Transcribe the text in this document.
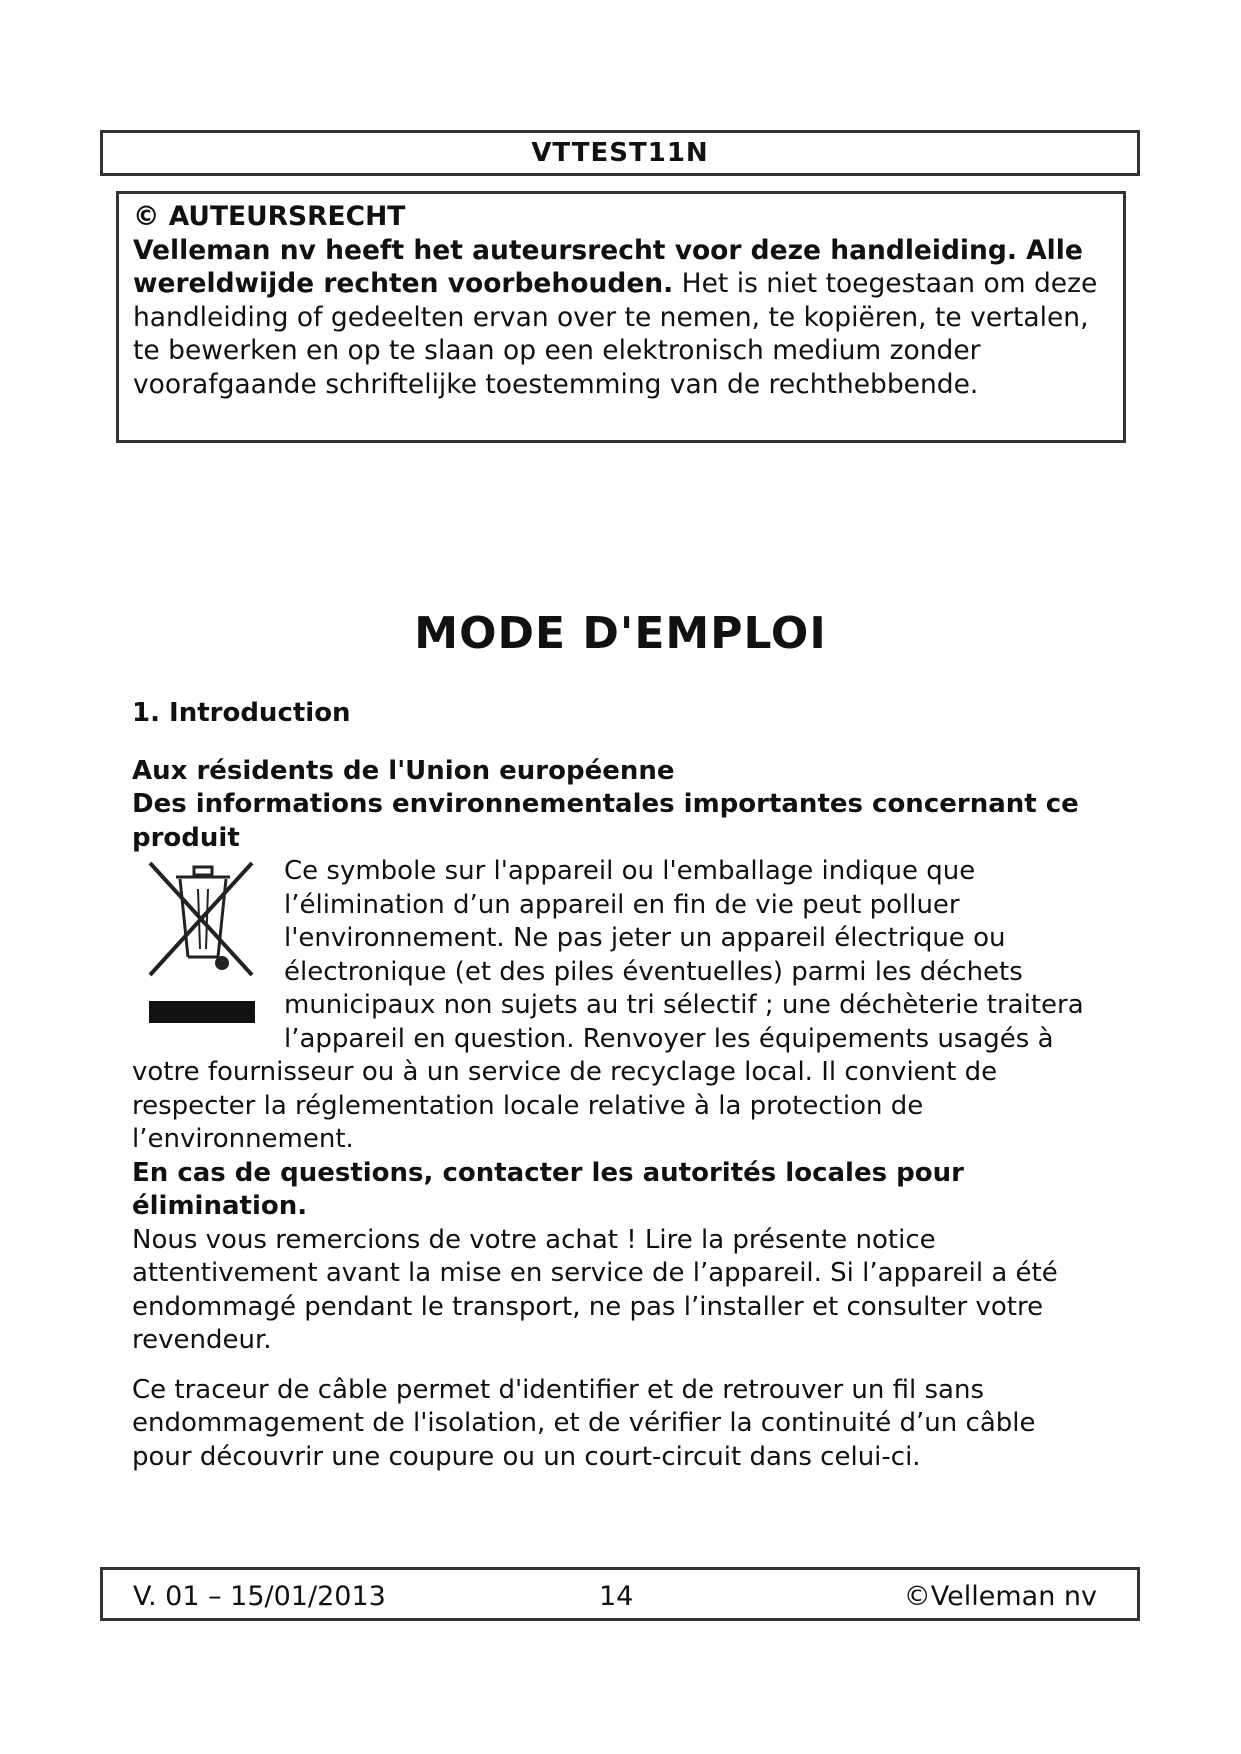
VTTEST11N

© AUTEURSRECHT

Velleman nv heeft het auteursrecht voor deze handleiding. Alle wereldwijde rechten voorbehouden. Het is niet toegestaan om deze handleiding of gedeelten ervan over te nemen, te kopiëren, te vertalen, te bewerken en op te slaan op een elektronisch medium zonder voorafgaande schriftelijke toestemming van de rechthebbende.

MODE D'EMPLOI

1. Introduction

Aux résidents de l'Union européenne

Des informations environnementales importantes concernant ce produit

Ce symbole sur l'appareil ou l'emballage indique que l’élimination d’un appareil en fin de vie peut polluer l'environnement. Ne pas jeter un appareil électrique ou électronique (et des piles éventuelles) parmi les déchets municipaux non sujets au tri sélectif ; une déchèterie traitera l’appareil en question. Renvoyer les équipements usagés à votre fournisseur ou à un service de recyclage local. Il convient de respecter la réglementation locale relative à la protection de l’environnement.

En cas de questions, contacter les autorités locales pour élimination.

Nous vous remercions de votre achat ! Lire la présente notice attentivement avant la mise en service de l’appareil. Si l’appareil a été endommagé pendant le transport, ne pas l’installer et consulter votre revendeur.

Ce traceur de câble permet d'identifier et de retrouver un fil sans endommagement de l'isolation, et de vérifier la continuité d’un câble pour découvrir une coupure ou un court-circuit dans celui-ci.

V. 01 – 15/01/2013	14	©Velleman nv
